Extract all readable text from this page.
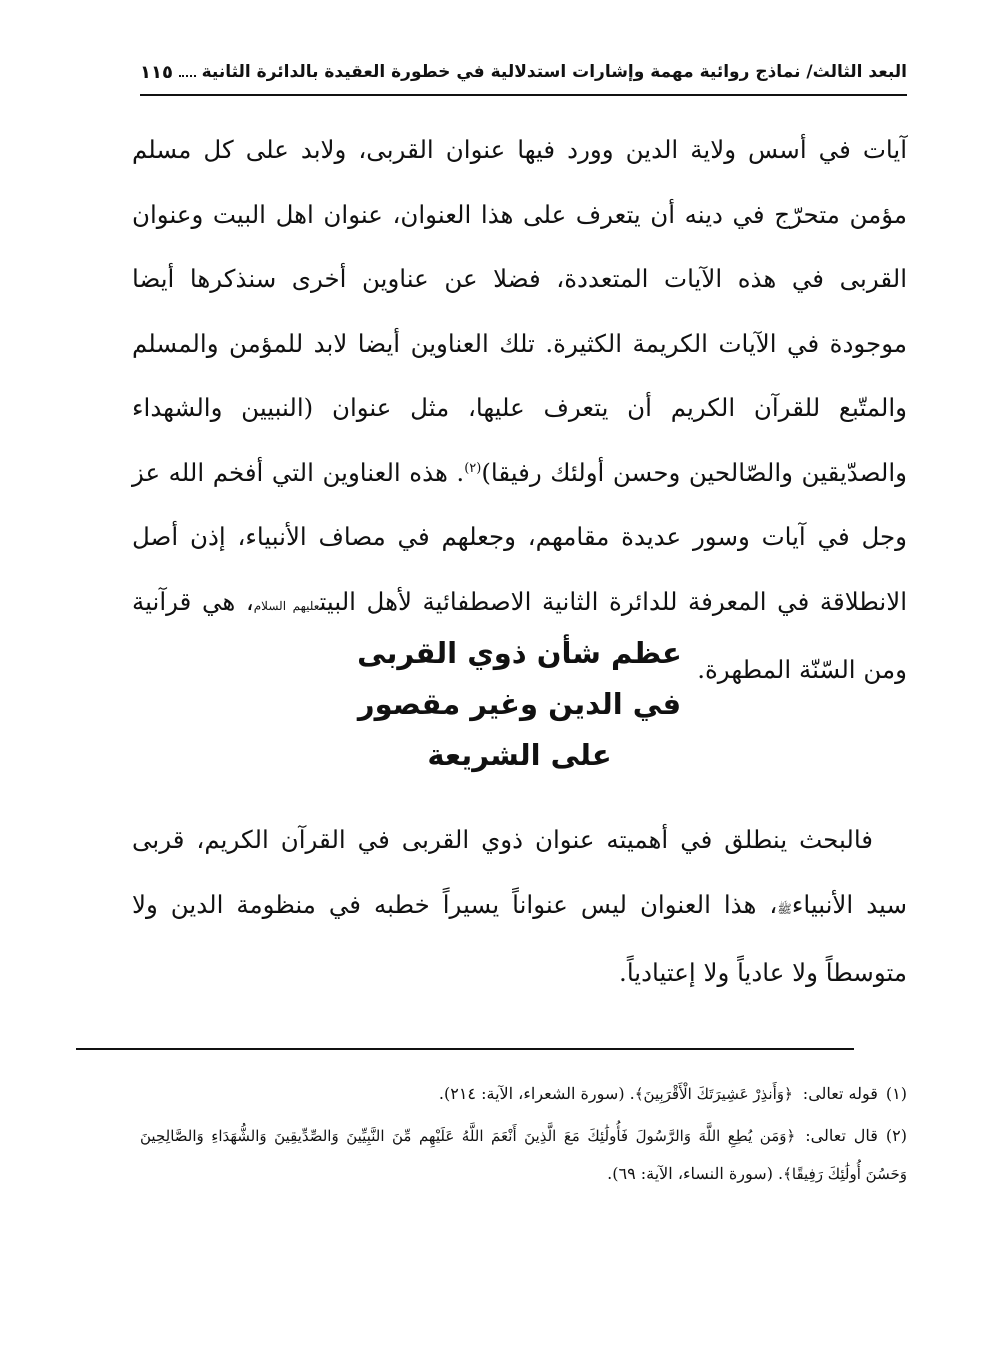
البعد الثالث/ نماذج روائية مهمة وإشارات استدلالية في خطورة العقيدة بالدائرة الثانية
١١٥

آيات في أسس ولاية الدين وورد فيها عنوان القربى، ولابد على كل مسلم مؤمن متحرّج في دينه أن يتعرف على هذا العنوان، عنوان اهل البيت وعنوان القربى في هذه الآيات المتعددة، فضلا عن عناوين أخرى سنذكرها أيضا موجودة في الآيات الكريمة الكثيرة. تلك العناوين أيضا لابد للمؤمن والمسلم والمتّبع للقرآن الكريم أن يتعرف عليها، مثل عنوان (النبيين والشهداء والصدّيقين والصّالحين وحسن أولئك رفيقا)$^{(٢)}$. هذه العناوين التي أفخم الله عز وجل في آيات وسور عديدة مقامهم، وجعلهم في مصاف الأنبياء، إذن أصل الانطلاقة في المعرفة للدائرة الثانية الاصطفائية لأهل البيتعليهم السلام، هي قرآنية ومن السّنّة المطهرة.

عظم شأن ذوي القربى
في الدين وغير مقصور
على الشريعة

فالبحث ينطلق في أهميته عنوان ذوي القربى في القرآن الكريم، قربى سيد الأنبياءﷺ، هذا العنوان ليس عنواناً يسيراً خطبه في منظومة الدين ولا متوسطاً ولا عادياً ولا إعتيادياً.

(١)قوله تعالى:﴿وَأَنذِرْ عَشِيرَتَكَ الْأَقْرَبِينَ﴾. (سورة الشعراء، الآية: ٢١٤).

(٢)قال تعالى:﴿وَمَن يُطِعِ اللَّهَ وَالرَّسُولَ فَأُولَٰئِكَ مَعَ الَّذِينَ أَنْعَمَ اللَّهُ عَلَيْهِم مِّنَ النَّبِيِّينَ وَالصِّدِّيقِينَ وَالشُّهَدَاءِ وَالصَّالِحِينَ وَحَسُنَ أُولَٰئِكَ رَفِيقًا﴾. (سورة النساء، الآية: ٦٩).
